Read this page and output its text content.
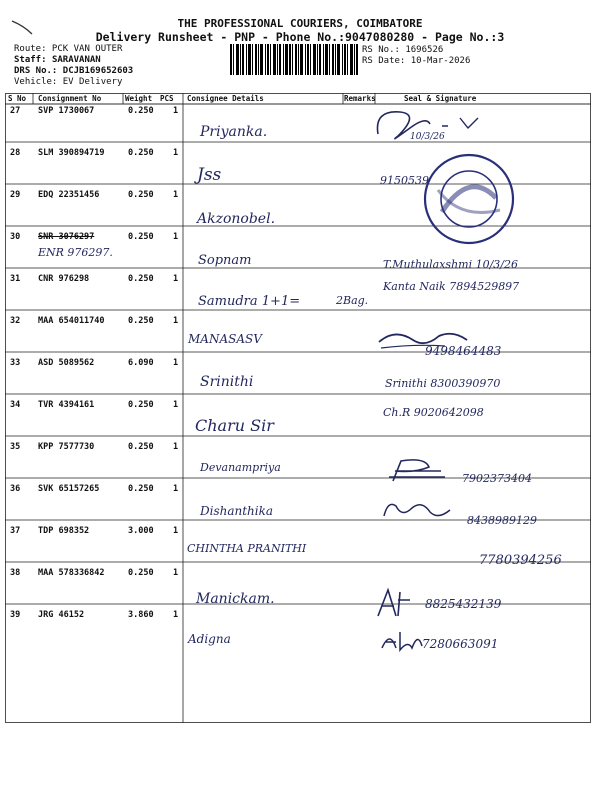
THE PROFESSIONAL COURIERS, COIMBATORE
Delivery Runsheet - PNP - Phone No.:9047080280 - Page No.:3
Route: PCK VAN OUTER
Staff: SARAVANAN
DRS No.: DCJB169652603
Vehicle: EV Delivery
RS No.: 1696526
RS Date: 10-Mar-2026
S No Consignment No	Weight PCS Consignee Details	Remarks	Seal & Signature
27 SVP 1730067	0.250 1
Priyanka.	10/3/26
28 SLM 390894719	0.250 1
Jss	9150539
29 EDQ 22351456	0.250 1
Akzonobel.
30 SNR 3076297	0.250 1
Sopnam
ENR 976297.
T.Muthulaxshmi 10/3/26
31 CNR 976298	0.250 1
Samudra 1+1=	2Bag.
Kanta Naik 7894529897
32 MAA 654011740	0.250 1
MANASASV
9498464483
33 ASD 5089562	6.090 1
Srinithi	Srinithi 8300390970
34 TVR 4394161	0.250 1
Charu Sir
Ch.R 9020642098
35 KPP 7577730	0.250 1
Devanampriya
7902373404
36 SVK 65157265	0.250 1
Dishanthika
8438989129
37 TDP 698352	3.000 1
CHINTHA PRANITHI
7780394256
38 MAA 578336842	0.250 1
Manickam.	8825432139
39 JRG 46152	3.860 1
Adigna	7280663091
